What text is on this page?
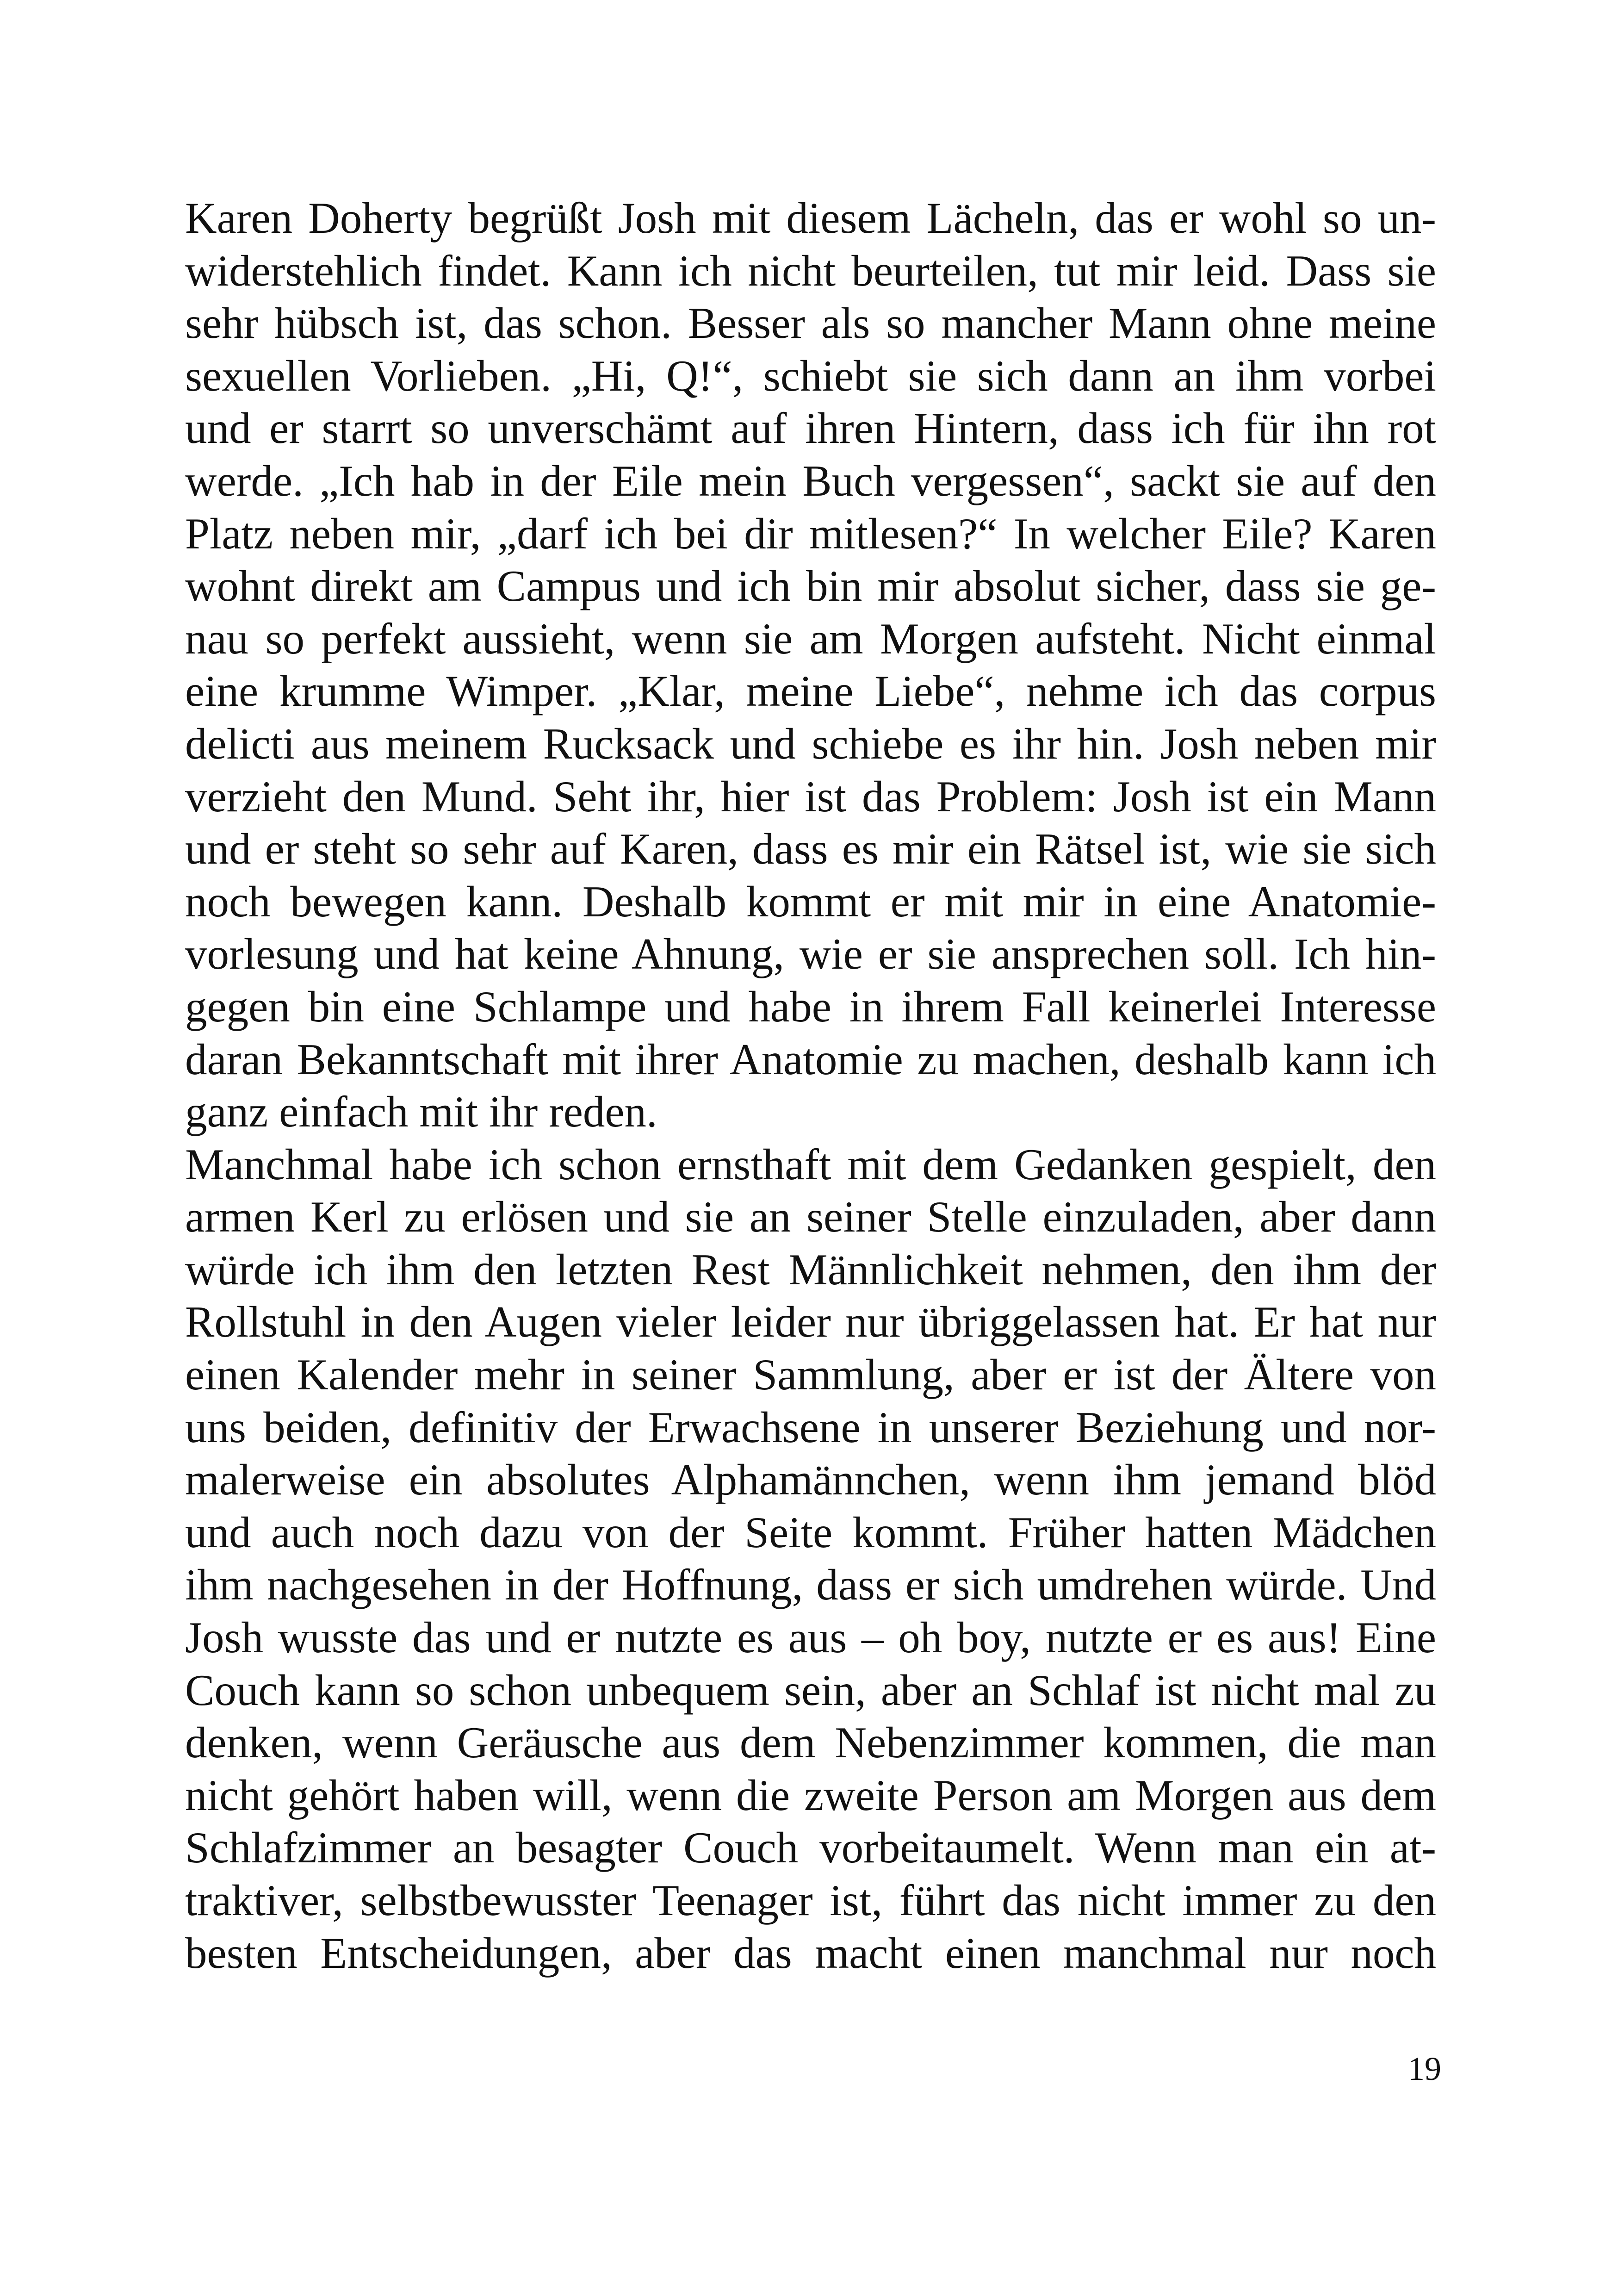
Karen Doherty begrüßt Josh mit diesem Lächeln, das er wohl so un-
widerstehlich findet. Kann ich nicht beurteilen, tut mir leid. Dass sie
sehr hübsch ist, das schon. Besser als so mancher Mann ohne meine
sexuellen Vorlieben. „Hi, Q!“, schiebt sie sich dann an ihm vorbei
und er starrt so unverschämt auf ihren Hintern, dass ich für ihn rot
werde. „Ich hab in der Eile mein Buch vergessen“, sackt sie auf den
Platz neben mir, „darf ich bei dir mitlesen?“ In welcher Eile? Karen
wohnt direkt am Campus und ich bin mir absolut sicher, dass sie ge-
nau so perfekt aussieht, wenn sie am Morgen aufsteht. Nicht einmal
eine krumme Wimper. „Klar, meine Liebe“, nehme ich das corpus
delicti aus meinem Rucksack und schiebe es ihr hin. Josh neben mir
verzieht den Mund. Seht ihr, hier ist das Problem: Josh ist ein Mann
und er steht so sehr auf Karen, dass es mir ein Rätsel ist, wie sie sich
noch bewegen kann. Deshalb kommt er mit mir in eine Anatomie-
vorlesung und hat keine Ahnung, wie er sie ansprechen soll. Ich hin-
gegen bin eine Schlampe und habe in ihrem Fall keinerlei Interesse
daran Bekanntschaft mit ihrer Anatomie zu machen, deshalb kann ich
ganz einfach mit ihr reden.
Manchmal habe ich schon ernsthaft mit dem Gedanken gespielt, den
armen Kerl zu erlösen und sie an seiner Stelle einzuladen, aber dann
würde ich ihm den letzten Rest Männlichkeit nehmen, den ihm der
Rollstuhl in den Augen vieler leider nur übriggelassen hat. Er hat nur
einen Kalender mehr in seiner Sammlung, aber er ist der Ältere von
uns beiden, definitiv der Erwachsene in unserer Beziehung und nor-
malerweise ein absolutes Alphamännchen, wenn ihm jemand blöd
und auch noch dazu von der Seite kommt. Früher hatten Mädchen
ihm nachgesehen in der Hoffnung, dass er sich umdrehen würde. Und
Josh wusste das und er nutzte es aus – oh boy, nutzte er es aus! Eine
Couch kann so schon unbequem sein, aber an Schlaf ist nicht mal zu
denken, wenn Geräusche aus dem Nebenzimmer kommen, die man
nicht gehört haben will, wenn die zweite Person am Morgen aus dem
Schlafzimmer an besagter Couch vorbeitaumelt. Wenn man ein at-
traktiver, selbstbewusster Teenager ist, führt das nicht immer zu den
besten Entscheidungen, aber das macht einen manchmal nur noch
19
